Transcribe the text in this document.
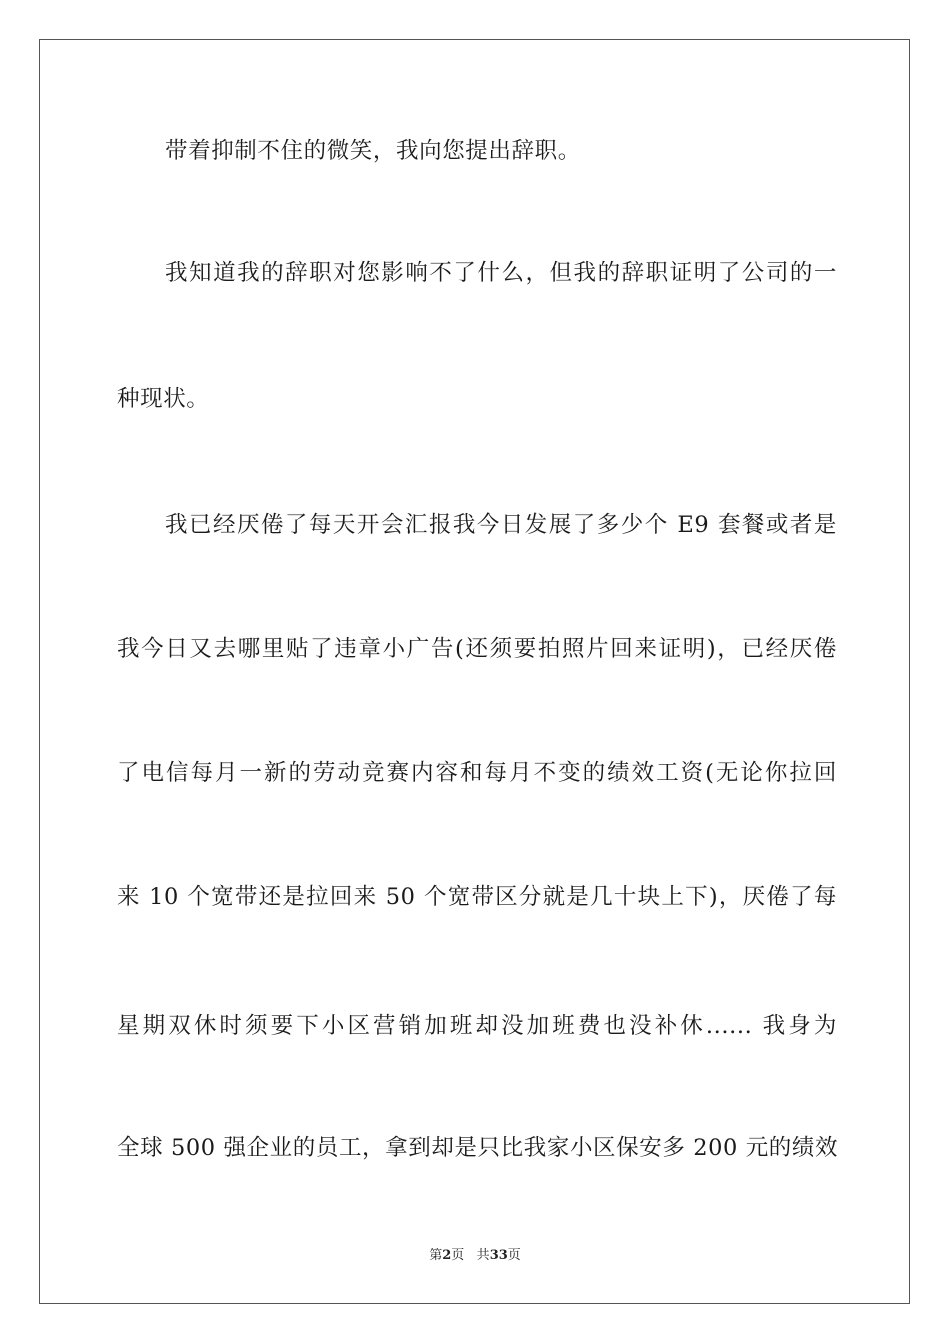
带着抑制不住的微笑，我向您提出辞职。
我知道我的辞职对您影响不了什么，但我的辞职证明了公司的一
种现状。
我已经厌倦了每天开会汇报我今日发展了多少个 E9 套餐或者是
我今日又去哪里贴了违章小广告(还须要拍照片回来证明)，已经厌倦
了电信每月一新的劳动竞赛内容和每月不变的绩效工资(无论你拉回
来 10 个宽带还是拉回来 50 个宽带区分就是几十块上下)，厌倦了每
星期双休时须要下小区营销加班却没加班费也没补休...... 我身为
全球 500 强企业的员工，拿到却是只比我家小区保安多 200 元的绩效
第2页 共33页
